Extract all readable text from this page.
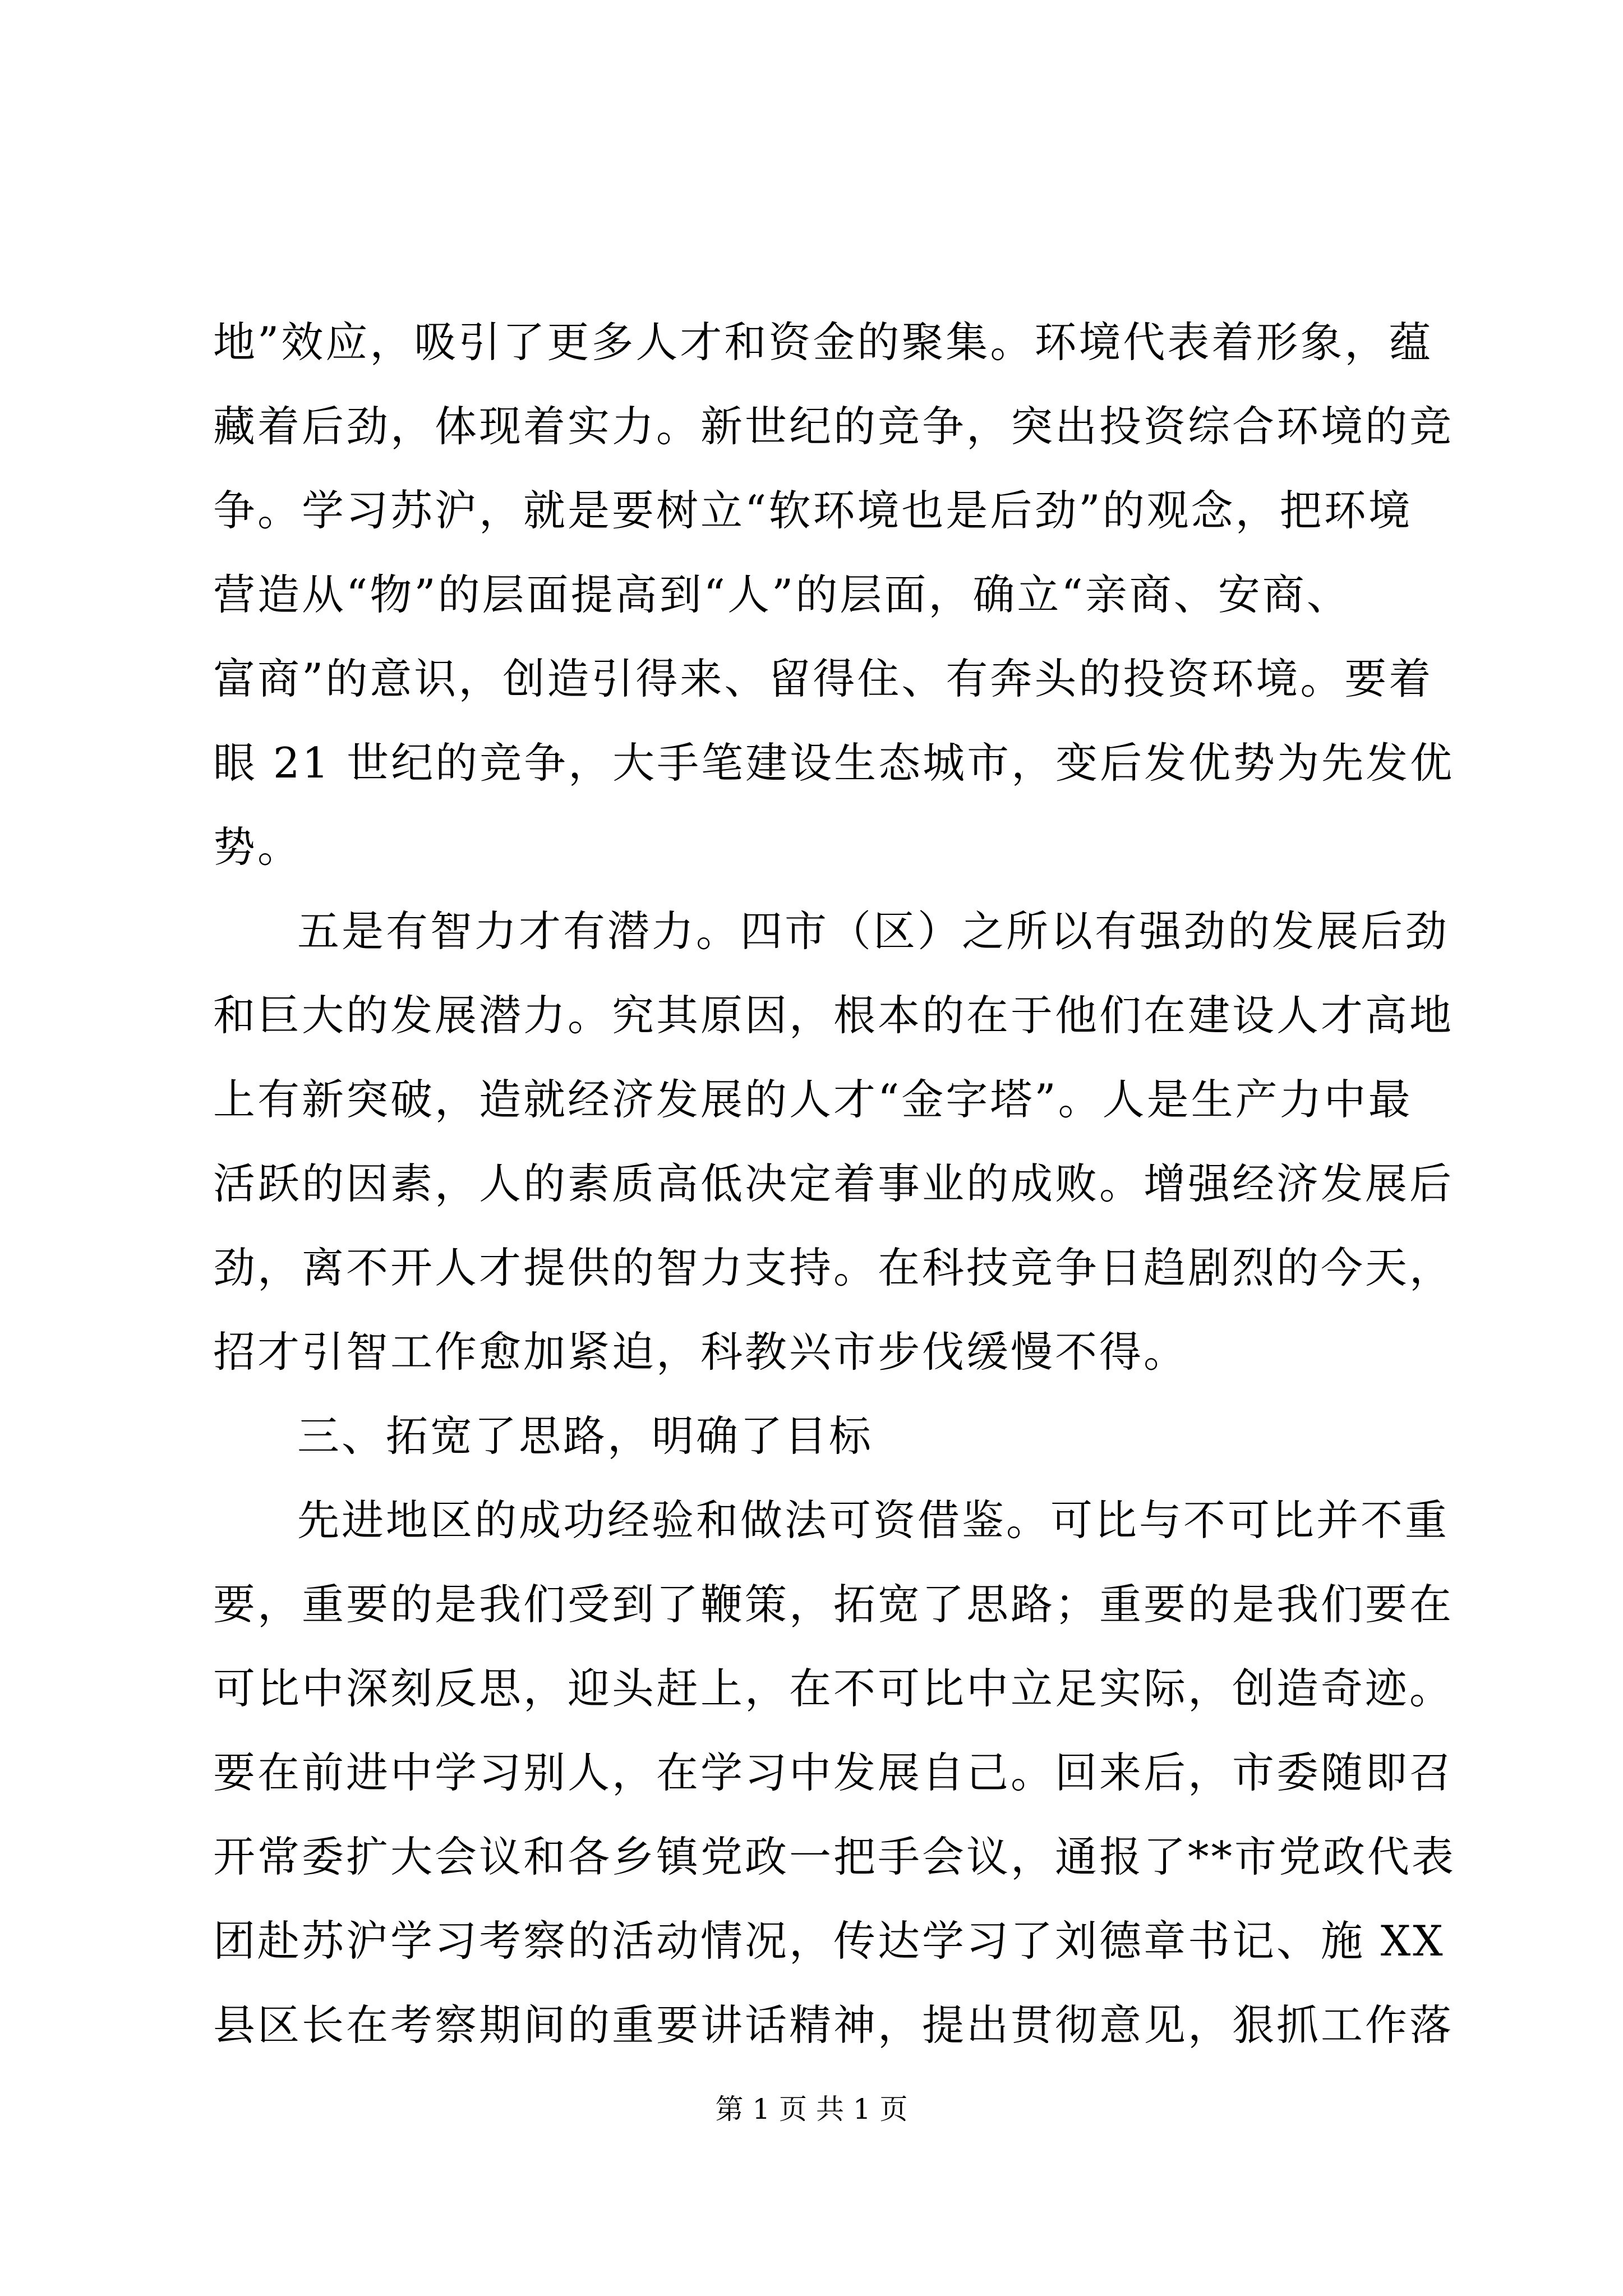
地”效应，吸引了更多人才和资金的聚集。环境代表着形象，蕴
藏着后劲，体现着实力。新世纪的竞争，突出投资综合环境的竞
争。学习苏沪，就是要树立“软环境也是后劲”的观念，把环境
营造从“物”的层面提高到“人”的层面，确立“亲商、安商、
富商”的意识，创造引得来、留得住、有奔头的投资环境。要着
眼 21 世纪的竞争，大手笔建设生态城市，变后发优势为先发优
势。
五是有智力才有潜力。四市（区）之所以有强劲的发展后劲
和巨大的发展潜力。究其原因，根本的在于他们在建设人才高地
上有新突破，造就经济发展的人才“金字塔”。人是生产力中最
活跃的因素，人的素质高低决定着事业的成败。增强经济发展后
劲，离不开人才提供的智力支持。在科技竞争日趋剧烈的今天，
招才引智工作愈加紧迫，科教兴市步伐缓慢不得。
三、拓宽了思路，明确了目标
先进地区的成功经验和做法可资借鉴。可比与不可比并不重
要，重要的是我们受到了鞭策，拓宽了思路；重要的是我们要在
可比中深刻反思，迎头赶上，在不可比中立足实际，创造奇迹。
要在前进中学习别人，在学习中发展自己。回来后，市委随即召
开常委扩大会议和各乡镇党政一把手会议，通报了**市党政代表
团赴苏沪学习考察的活动情况，传达学习了刘德章书记、施 XX
县区长在考察期间的重要讲话精神，提出贯彻意见，狠抓工作落
第 1 页 共 1 页
